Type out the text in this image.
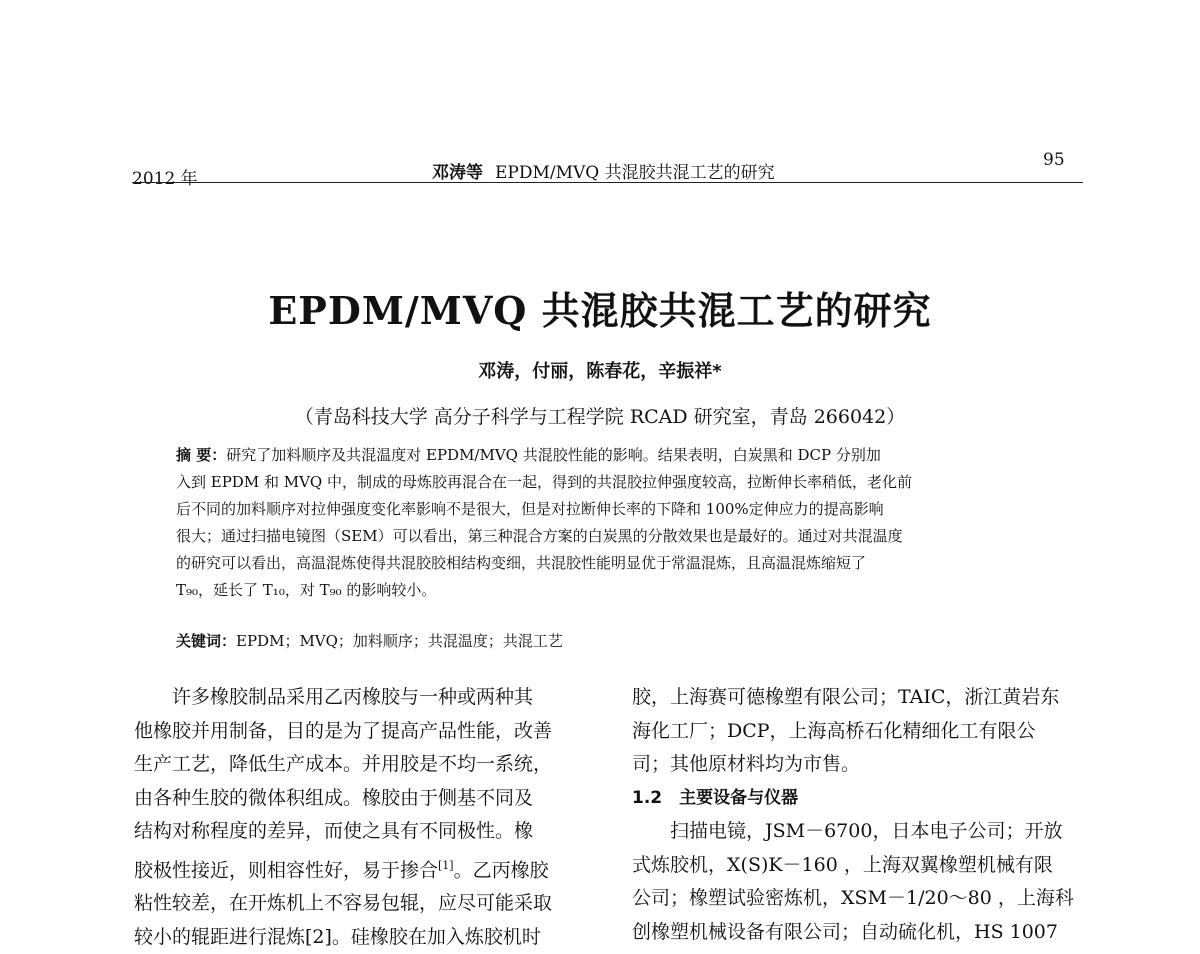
2012 年	邓涛等 EPDM/MVQ 共混胶共混工艺的研究
95
EPDM/MVQ 共混胶共混工艺的研究
邓涛，付丽，陈春花，辛振祥*
（青岛科技大学 高分子科学与工程学院 RCAD 研究室，青岛 266042）
摘 要：研究了加料顺序及共混温度对 EPDM/MVQ 共混胶性能的影响。结果表明，白炭黑和 DCP 分别加
入到 EPDM 和 MVQ 中，制成的母炼胶再混合在一起，得到的共混胶拉伸强度较高，拉断伸长率稍低，老化前
后不同的加料顺序对拉伸强度变化率影响不是很大，但是对拉断伸长率的下降和 100%定伸应力的提高影响
很大；通过扫描电镜图（SEM）可以看出，第三种混合方案的白炭黑的分散效果也是最好的。通过对共混温度
的研究可以看出，高温混炼使得共混胶胶相结构变细，共混胶性能明显优于常温混炼，且高温混炼缩短了
T₉₀，延长了 T₁₀，对 T₉₀ 的影响较小。
关键词：EPDM；MVQ；加料顺序；共混温度；共混工艺
　　许多橡胶制品采用乙丙橡胶与一种或两种其
他橡胶并用制备，目的是为了提高产品性能，改善
生产工艺，降低生产成本。并用胶是不均一系统，
由各种生胶的微体积组成。橡胶由于侧基不同及
结构对称程度的差异，而使之具有不同极性。橡
胶极性接近，则相容性好，易于掺合[1]。乙丙橡胶
粘性较差，在开炼机上不容易包辊，应尽可能采取
较小的辊距进行混炼[2]。硅橡胶在加入炼胶机时
胶，上海赛可德橡塑有限公司；TAIC，浙江黄岩东
海化工厂；DCP，上海高桥石化精细化工有限公
司；其他原材料均为市售。
1.2　主要设备与仪器
　　扫描电镜，JSM－6700，日本电子公司；开放
式炼胶机，X(S)K－160 ，上海双翼橡塑机械有限
公司；橡塑试验密炼机，XSM－1/20～80 ，上海科
创橡塑机械设备有限公司；自动硫化机，HS 1007
